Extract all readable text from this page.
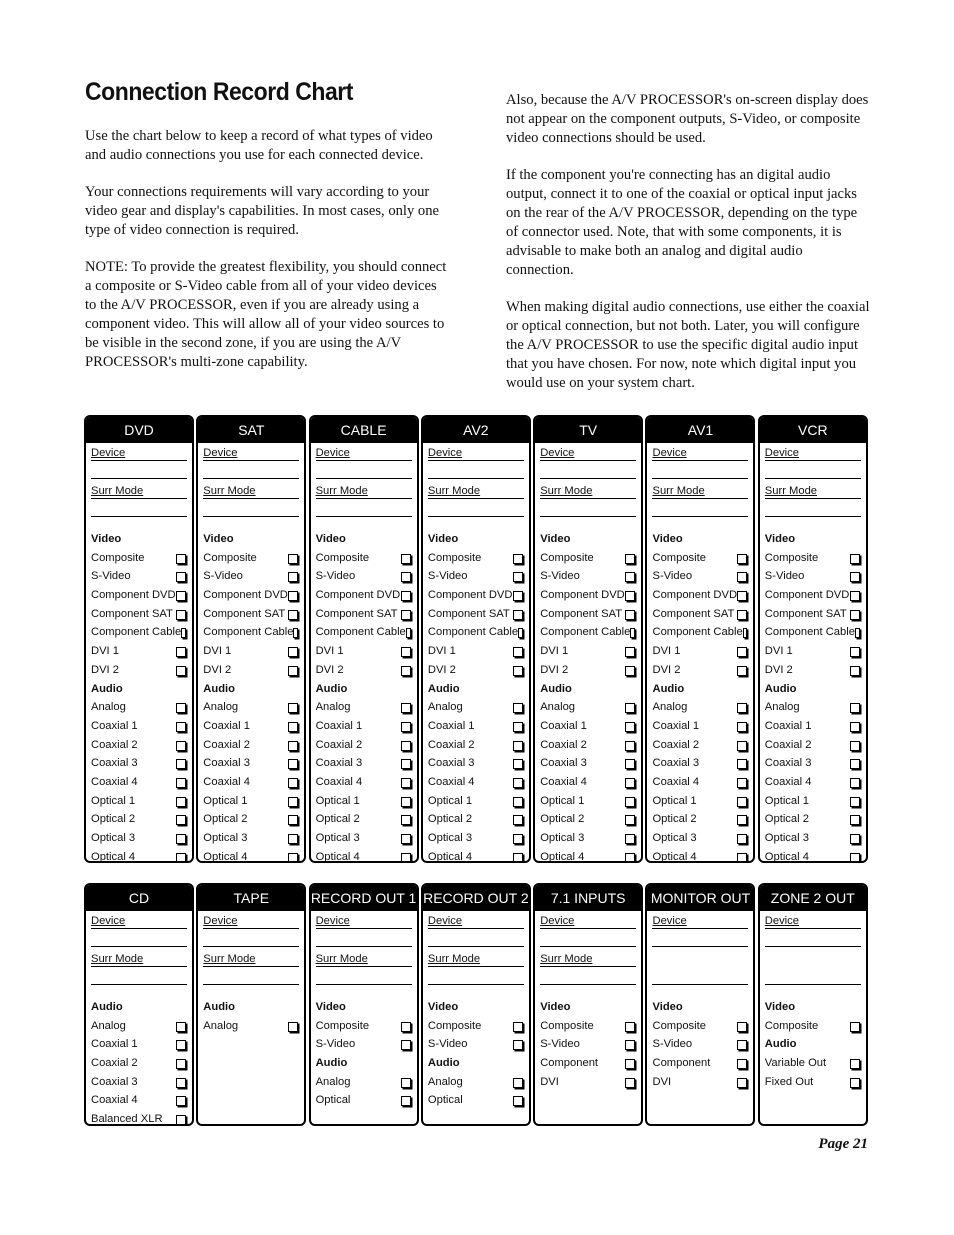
Connection Record Chart

Use the chart below to keep a record of what types of video and audio connections you use for each connected device.

Your connections requirements will vary according to your video gear and display's capabilities. In most cases, only one type of video connection is required.

NOTE: To provide the greatest flexibility, you should connect a composite or S-Video cable from all of your video devices to the A/V PROCESSOR, even if you are already using a component video. This will allow all of your video sources to be visible in the second zone, if you are using the A/V PROCESSOR's multi-zone capability.

Also, because the A/V PROCESSOR's on-screen display does not appear on the component outputs, S-Video, or composite video connections should be used.

If the component you're connecting has an digital audio output, connect it to one of the coaxial or optical input jacks on the rear of the A/V PROCESSOR, depending on the type of connector used. Note, that with some components, it is advisable to make both an analog and digital audio connection.

When making digital audio connections, use either the coaxial or optical connection, but not both. Later, you will configure the A/V PROCESSOR to use the specific digital audio input that you have chosen. For now, note which digital input you would use on your system chart.

DVD
Device
Surr Mode
Video
Composite
S-Video
Component DVD
Component SAT
Component Cable
DVI 1
DVI 2
Audio
Analog
Coaxial 1
Coaxial 2
Coaxial 3
Coaxial 4
Optical 1
Optical 2
Optical 3
Optical 4
SAT
Device
Surr Mode
Video
Composite
S-Video
Component DVD
Component SAT
Component Cable
DVI 1
DVI 2
Audio
Analog
Coaxial 1
Coaxial 2
Coaxial 3
Coaxial 4
Optical 1
Optical 2
Optical 3
Optical 4
CABLE
Device
Surr Mode
Video
Composite
S-Video
Component DVD
Component SAT
Component Cable
DVI 1
DVI 2
Audio
Analog
Coaxial 1
Coaxial 2
Coaxial 3
Coaxial 4
Optical 1
Optical 2
Optical 3
Optical 4
AV2
Device
Surr Mode
Video
Composite
S-Video
Component DVD
Component SAT
Component Cable
DVI 1
DVI 2
Audio
Analog
Coaxial 1
Coaxial 2
Coaxial 3
Coaxial 4
Optical 1
Optical 2
Optical 3
Optical 4
TV
Device
Surr Mode
Video
Composite
S-Video
Component DVD
Component SAT
Component Cable
DVI 1
DVI 2
Audio
Analog
Coaxial 1
Coaxial 2
Coaxial 3
Coaxial 4
Optical 1
Optical 2
Optical 3
Optical 4
AV1
Device
Surr Mode
Video
Composite
S-Video
Component DVD
Component SAT
Component Cable
DVI 1
DVI 2
Audio
Analog
Coaxial 1
Coaxial 2
Coaxial 3
Coaxial 4
Optical 1
Optical 2
Optical 3
Optical 4
VCR
Device
Surr Mode
Video
Composite
S-Video
Component DVD
Component SAT
Component Cable
DVI 1
DVI 2
Audio
Analog
Coaxial 1
Coaxial 2
Coaxial 3
Coaxial 4
Optical 1
Optical 2
Optical 3
Optical 4
CD
Device
Surr Mode
Audio
Analog
Coaxial 1
Coaxial 2
Coaxial 3
Coaxial 4
Balanced XLR
TAPE
Device
Surr Mode
Audio
Analog
RECORD OUT 1
Device
Surr Mode
Video
Composite
S-Video
Audio
Analog
Optical
RECORD OUT 2
Device
Surr Mode
Video
Composite
S-Video
Audio
Analog
Optical
7.1 INPUTS
Device
Surr Mode
Video
Composite
S-Video
Component
DVI
MONITOR OUT
Device
Video
Composite
S-Video
Component
DVI
ZONE 2 OUT
Device
Video
Composite
Audio
Variable Out
Fixed Out
Page 21
